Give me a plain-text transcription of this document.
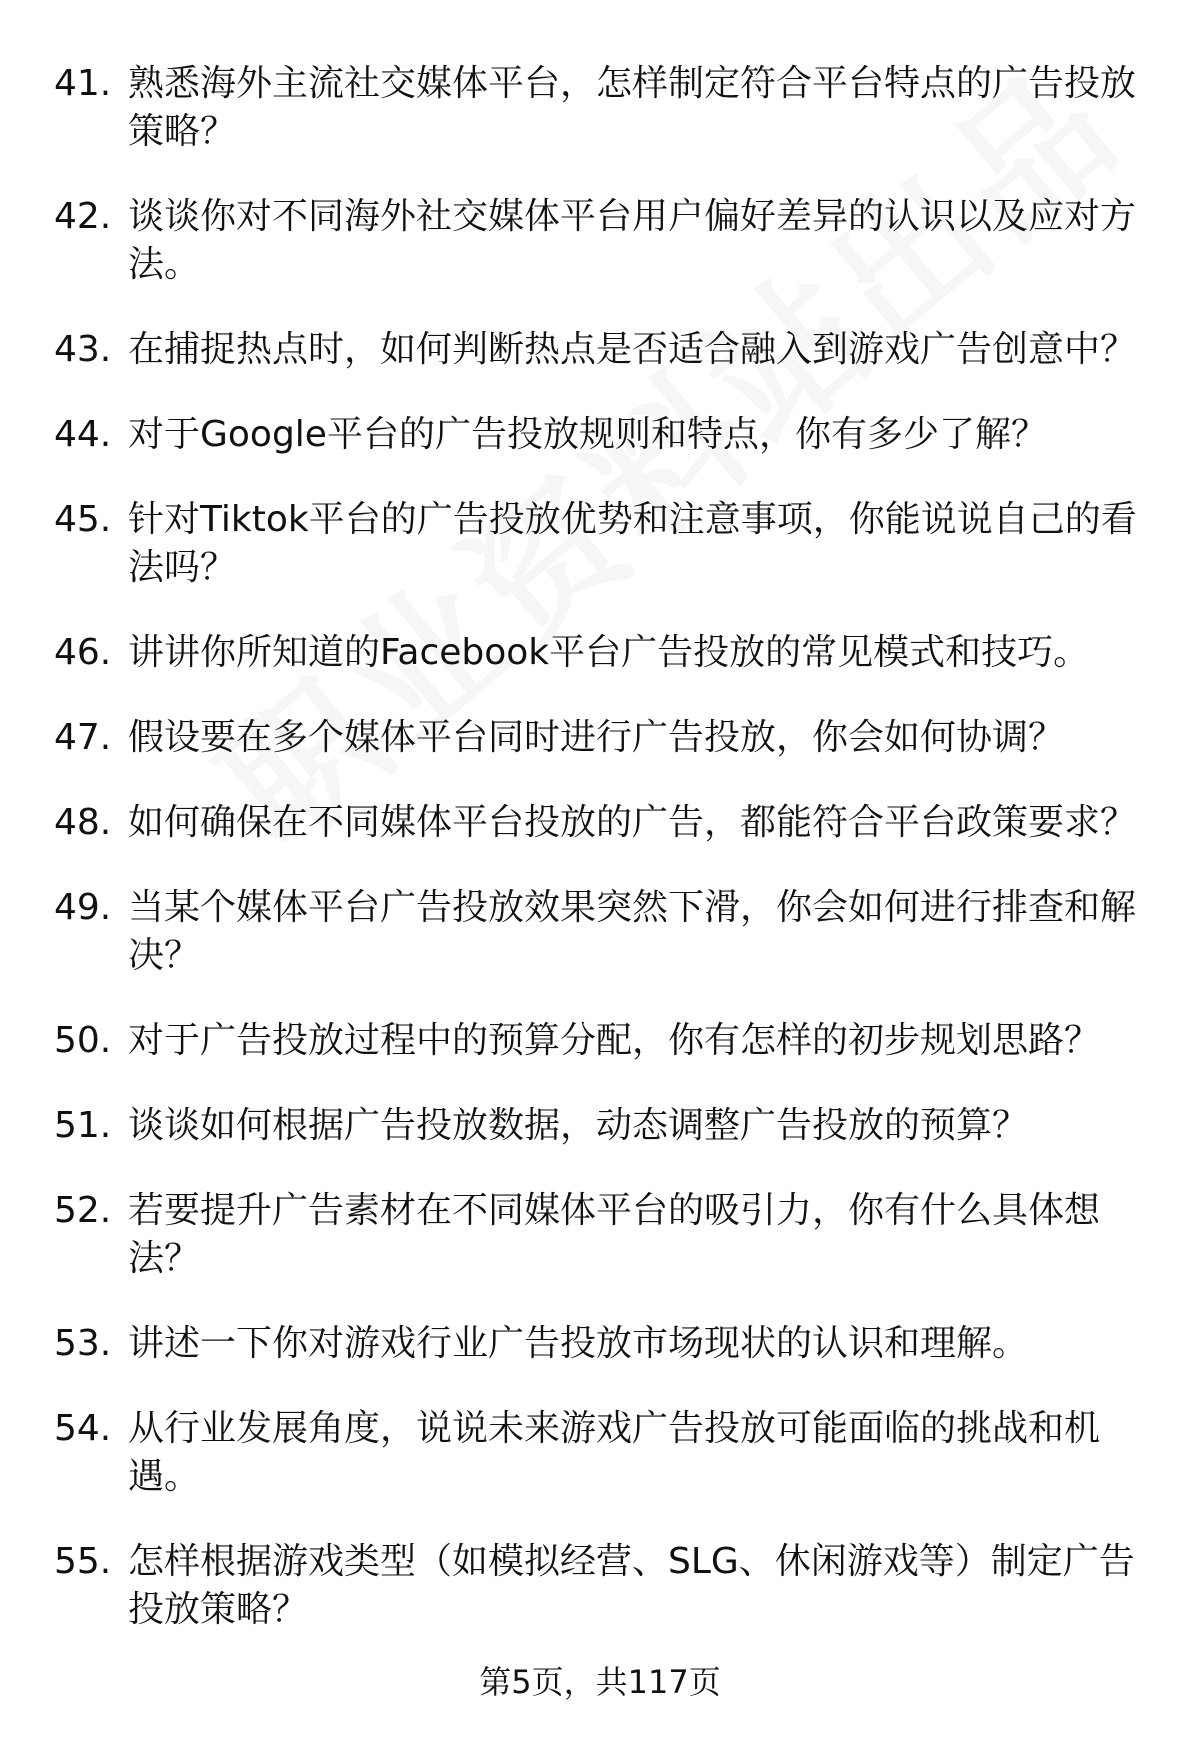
41. 熟悉海外主流社交媒体平台，怎样制定符合平台特点的广告投放策略？
42. 谈谈你对不同海外社交媒体平台用户偏好差异的认识以及应对方法。
43. 在捕捉热点时，如何判断热点是否适合融入到游戏广告创意中？
44. 对于Google平台的广告投放规则和特点，你有多少了解？
45. 针对Tiktok平台的广告投放优势和注意事项，你能说说自己的看法吗？
46. 讲讲你所知道的Facebook平台广告投放的常见模式和技巧。
47. 假设要在多个媒体平台同时进行广告投放，你会如何协调？
48. 如何确保在不同媒体平台投放的广告，都能符合平台政策要求？
49. 当某个媒体平台广告投放效果突然下滑，你会如何进行排查和解决？
50. 对于广告投放过程中的预算分配，你有怎样的初步规划思路？
51. 谈谈如何根据广告投放数据，动态调整广告投放的预算？
52. 若要提升广告素材在不同媒体平台的吸引力，你有什么具体想法？
53. 讲述一下你对游戏行业广告投放市场现状的认识和理解。
54. 从行业发展角度，说说未来游戏广告投放可能面临的挑战和机遇。
55. 怎样根据游戏类型（如模拟经营、SLG、休闲游戏等）制定广告投放策略？
第5页，共117页
